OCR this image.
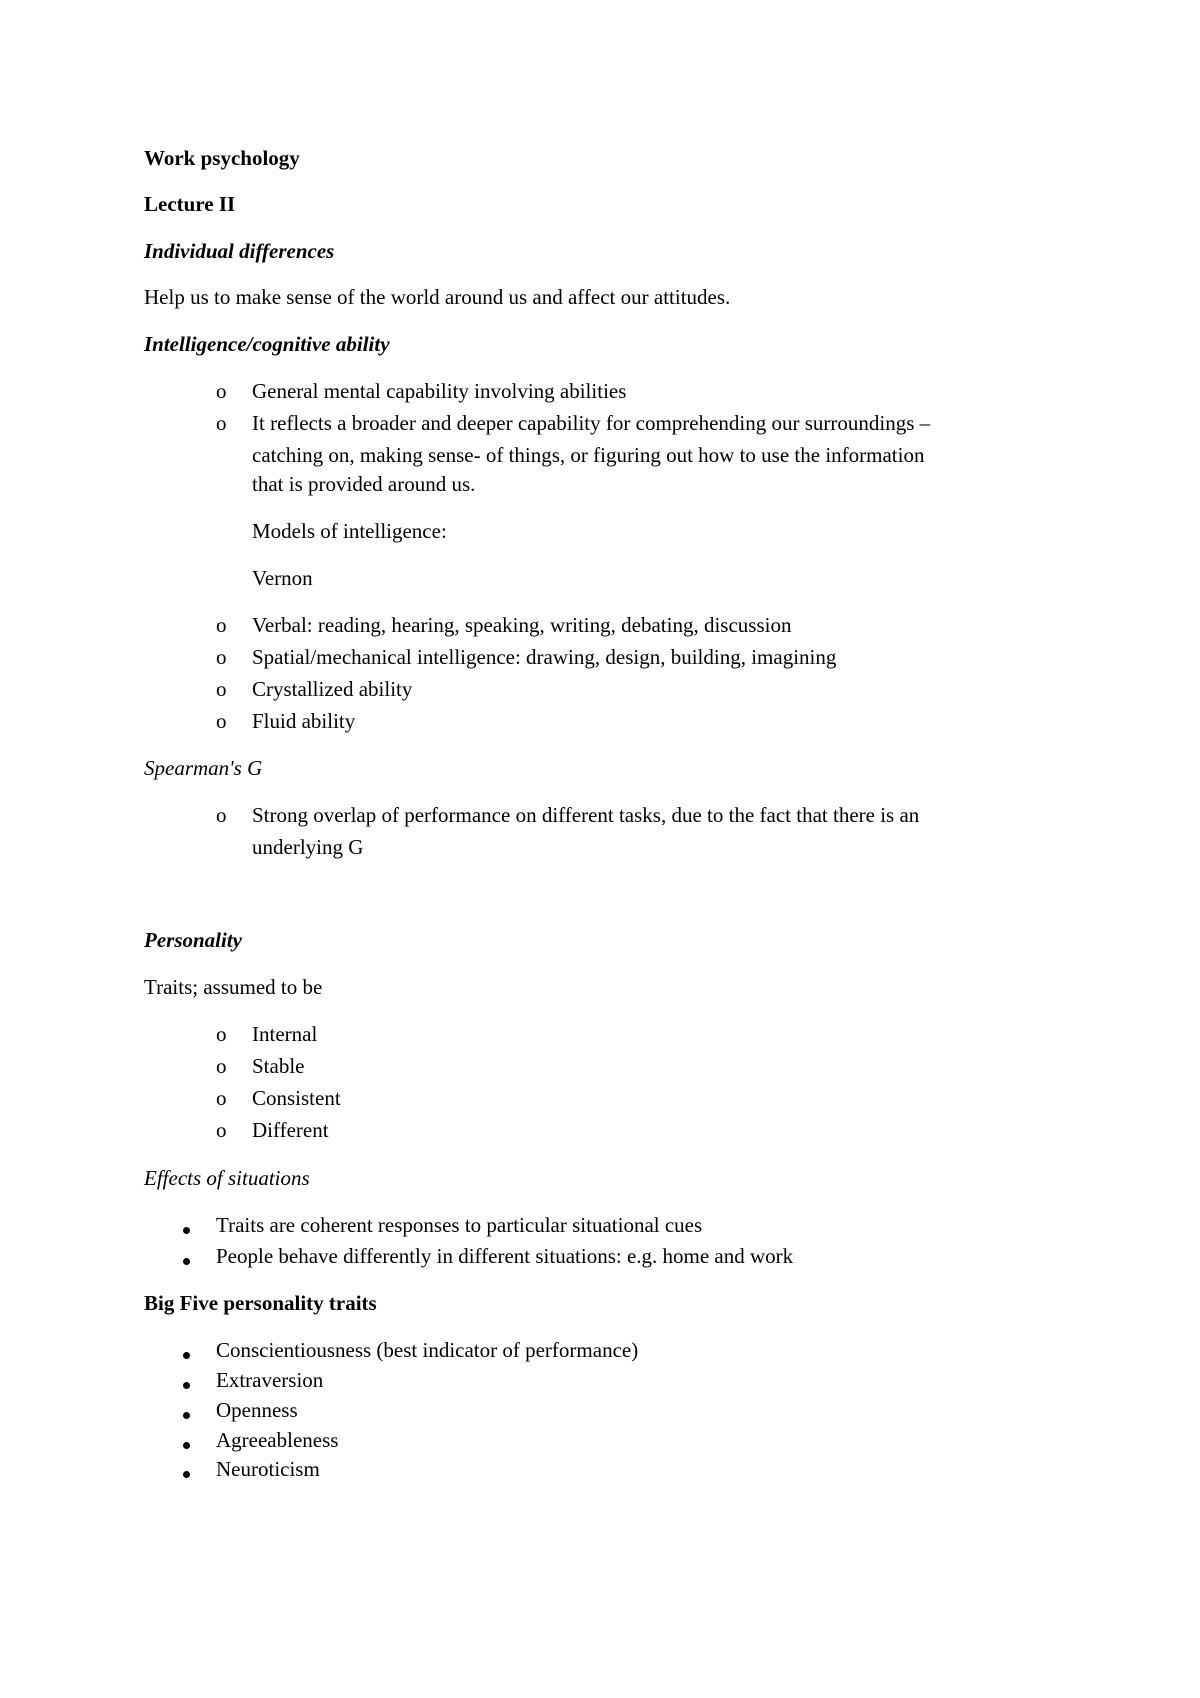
Work psychology
Lecture II
Individual differences
Help us to make sense of the world around us and affect our attitudes.
Intelligence/cognitive ability
o General mental capability involving abilities
o It reflects a broader and deeper capability for comprehending our surroundings –
catching on, making sense- of things, or figuring out how to use the information
that is provided around us.
Models of intelligence:
Vernon
o Verbal: reading, hearing, speaking, writing, debating, discussion
o Spatial/mechanical intelligence: drawing, design, building, imagining
o Crystallized ability
o Fluid ability
Spearman's G
o Strong overlap of performance on different tasks, due to the fact that there is an
underlying G
Personality
Traits; assumed to be
o Internal
o Stable
o Consistent
o Different
Effects of situations
Traits are coherent responses to particular situational cues
People behave differently in different situations: e.g. home and work
Big Five personality traits
Conscientiousness (best indicator of performance)
Extraversion
Openness
Agreeableness
Neuroticism
